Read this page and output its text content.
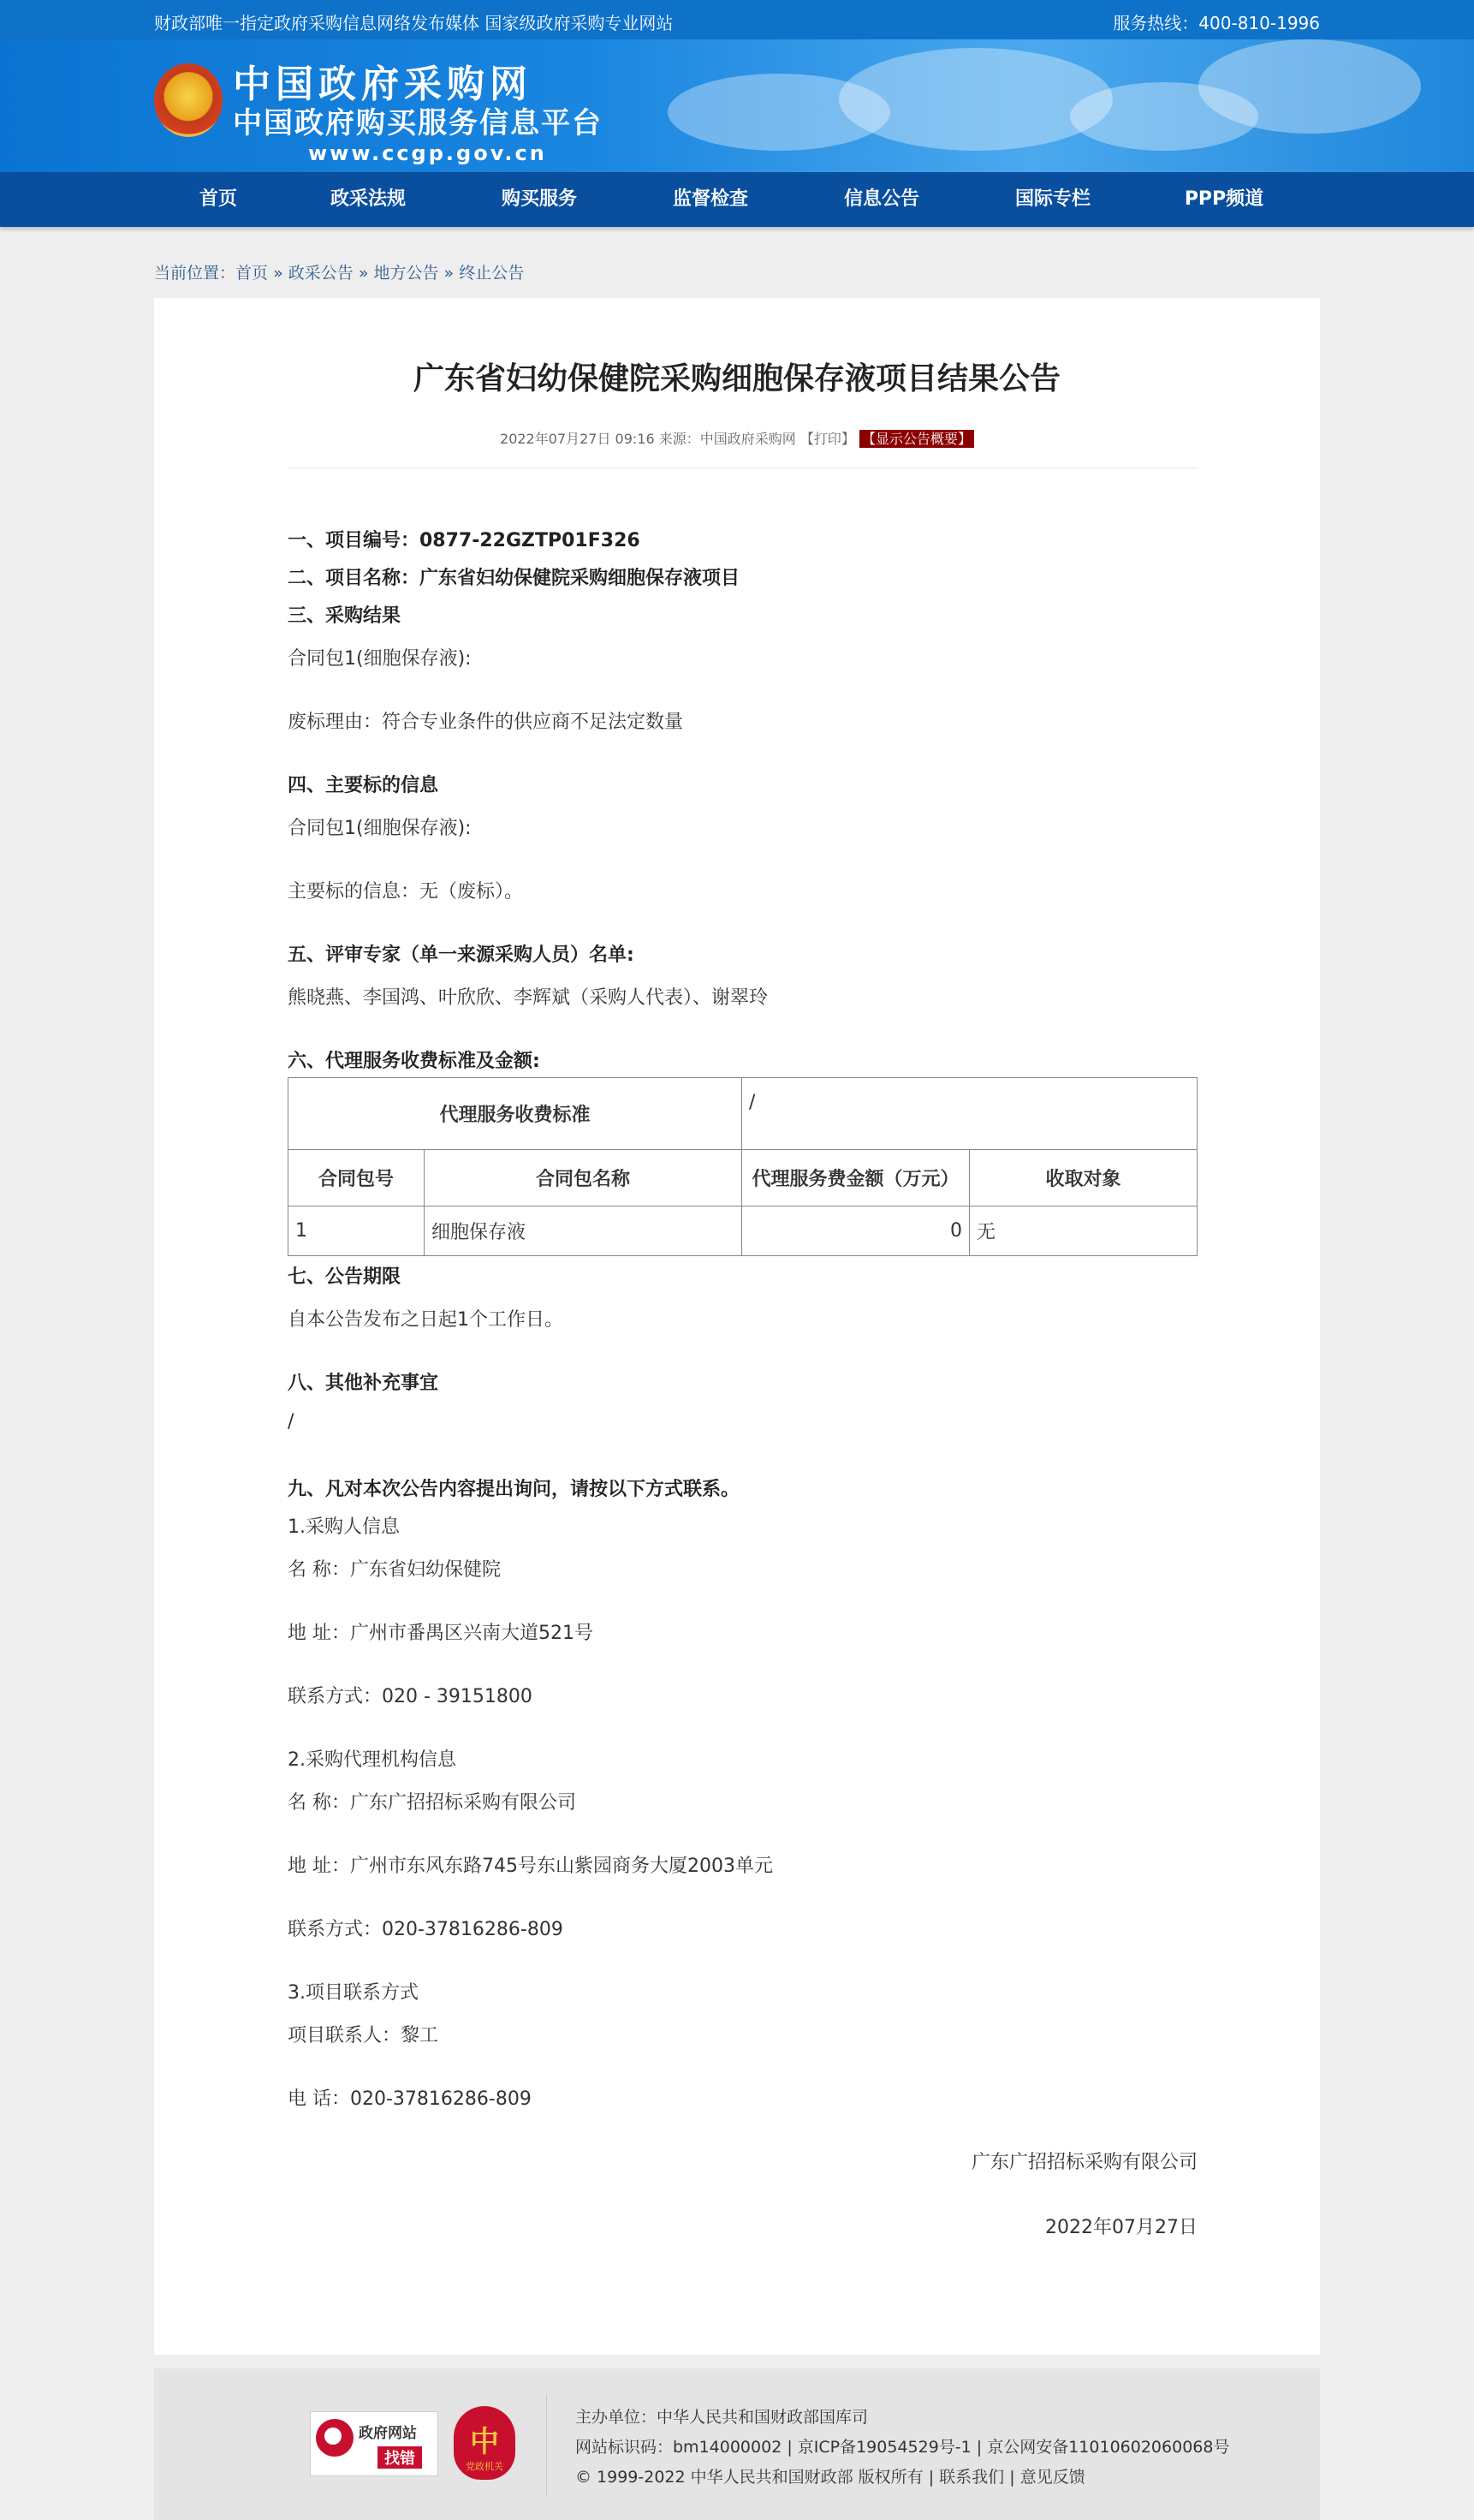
财政部唯一指定政府采购信息网络发布媒体 国家级政府采购专业网站	服务热线：400-810-1996
中国政府采购网
中国政府购买服务信息平台
www.ccgp.gov.cn
首页	政采法规	购买服务	监督检查	信息公告	国际专栏	PPP频道
当前位置：首页 » 政采公告 » 地方公告 » 终止公告
广东省妇幼保健院采购细胞保存液项目结果公告
2022年07月27日 09:16 来源：中国政府采购网 【打印】 【显示公告概要】
一、项目编号：0877-22GZTP01F326
二、项目名称：广东省妇幼保健院采购细胞保存液项目
三、采购结果
合同包1(细胞保存液):
废标理由：符合专业条件的供应商不足法定数量
四、主要标的信息
合同包1(细胞保存液):
主要标的信息：无（废标）。
五、评审专家（单一来源采购人员）名单:
熊晓燕、李国鸿、叶欣欣、李辉斌（采购人代表）、谢翠玲
六、代理服务收费标准及金额:
代理服务收费标准		/	
合同包号	合同包名称	代理服务费金额（万元）	收取对象
1	细胞保存液	0	无
七、公告期限
自本公告发布之日起1个工作日。
八、其他补充事宜
/
九、凡对本次公告内容提出询问，请按以下方式联系。
1.采购人信息
名 称：广东省妇幼保健院
地 址：广州市番禺区兴南大道521号
联系方式：020 - 39151800
2.采购代理机构信息
名 称：广东广招招标采购有限公司
地 址：广州市东风东路745号东山紫园商务大厦2003单元
联系方式：020-37816286-809
3.项目联系方式
项目联系人：黎工
电 话：020-37816286-809
广东广招招标采购有限公司
2022年07月27日
政府网站
找错	中
党政机关
主办单位：中华人民共和国财政部国库司
网站标识码：bm14000002 | 京ICP备19054529号-1 | 京公网安备11010602060068号
© 1999-2022 中华人民共和国财政部 版权所有 | 联系我们 | 意见反馈
